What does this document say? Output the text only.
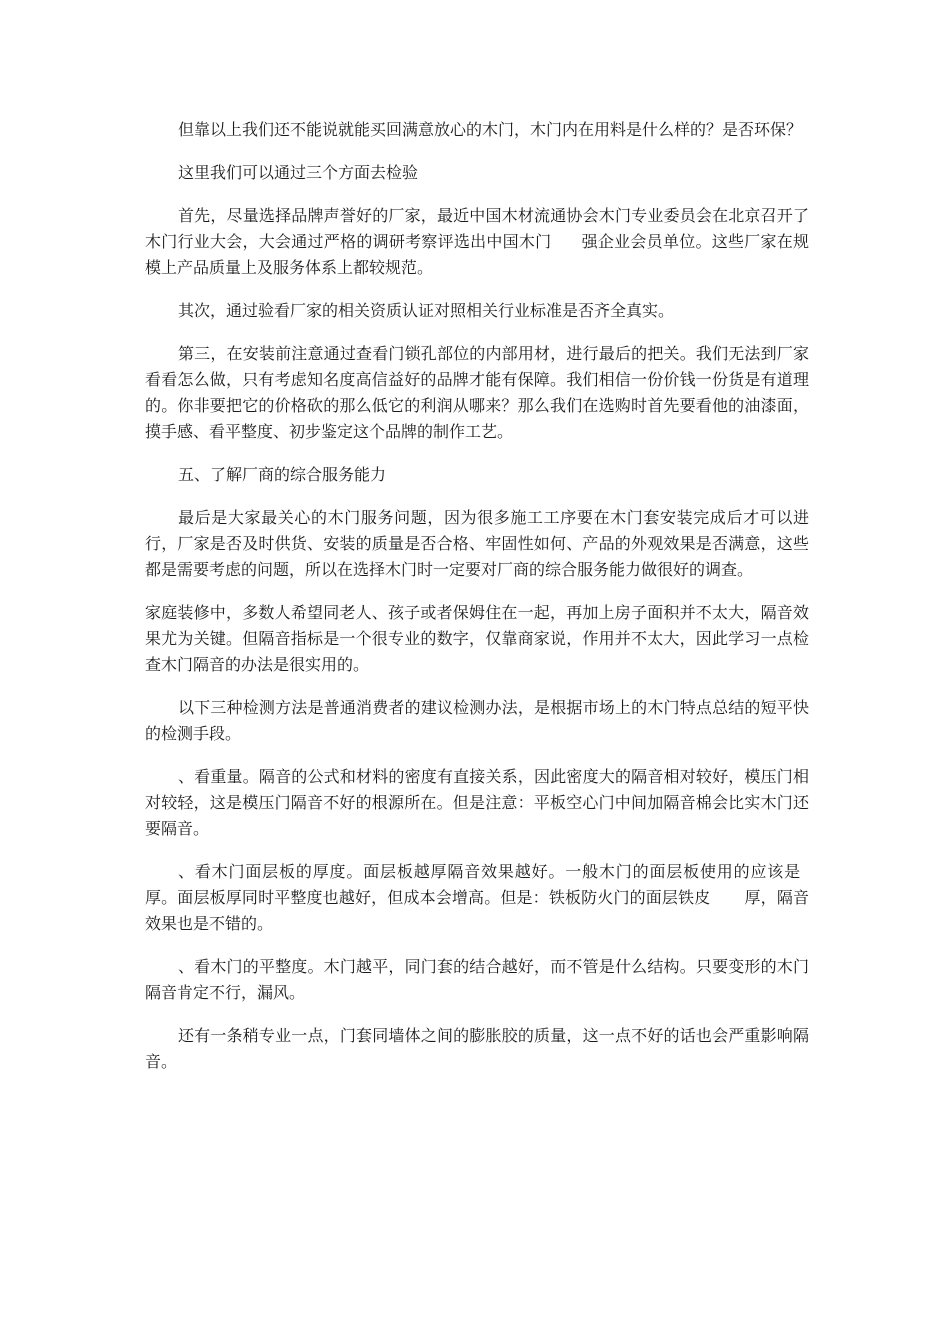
但靠以上我们还不能说就能买回满意放心的木门，木门内在用料是什么样的？是否环保？

这里我们可以通过三个方面去检验

首先，尽量选择品牌声誉好的厂家，最近中国木材流通协会木门专业委员会在北京召开了木门行业大会，大会通过严格的调研考察评选出中国木门 强企业会员单位。这些厂家在规模上产品质量上及服务体系上都较规范。

其次，通过验看厂家的相关资质认证对照相关行业标准是否齐全真实。

第三，在安装前注意通过查看门锁孔部位的内部用材，进行最后的把关。我们无法到厂家看看怎么做，只有考虑知名度高信益好的品牌才能有保障。我们相信一份价钱一份货是有道理的。你非要把它的价格砍的那么低它的利润从哪来？那么我们在选购时首先要看他的油漆面，摸手感、看平整度、初步鉴定这个品牌的制作工艺。

五、了解厂商的综合服务能力

最后是大家最关心的木门服务问题，因为很多施工工序要在木门套安装完成后才可以进行，厂家是否及时供货、安装的质量是否合格、牢固性如何、产品的外观效果是否满意，这些都是需要考虑的问题，所以在选择木门时一定要对厂商的综合服务能力做很好的调查。

家庭装修中，多数人希望同老人、孩子或者保姆住在一起，再加上房子面积并不太大，隔音效果尤为关键。但隔音指标是一个很专业的数字，仅靠商家说，作用并不太大，因此学习一点检查木门隔音的办法是很实用的。

以下三种检测方法是普通消费者的建议检测办法，是根据市场上的木门特点总结的短平快的检测手段。

、看重量。隔音的公式和材料的密度有直接关系，因此密度大的隔音相对较好，模压门相对较轻，这是模压门隔音不好的根源所在。但是注意：平板空心门中间加隔音棉会比实木门还要隔音。

、看木门面层板的厚度。面层板越厚隔音效果越好。一般木门的面层板使用的应该是厚。面层板厚同时平整度也越好，但成本会增高。但是：铁板防火门的面层铁皮 厚，隔音效果也是不错的。

、看木门的平整度。木门越平，同门套的结合越好，而不管是什么结构。只要变形的木门隔音肯定不行，漏风。

还有一条稍专业一点，门套同墙体之间的膨胀胶的质量，这一点不好的话也会严重影响隔音。
